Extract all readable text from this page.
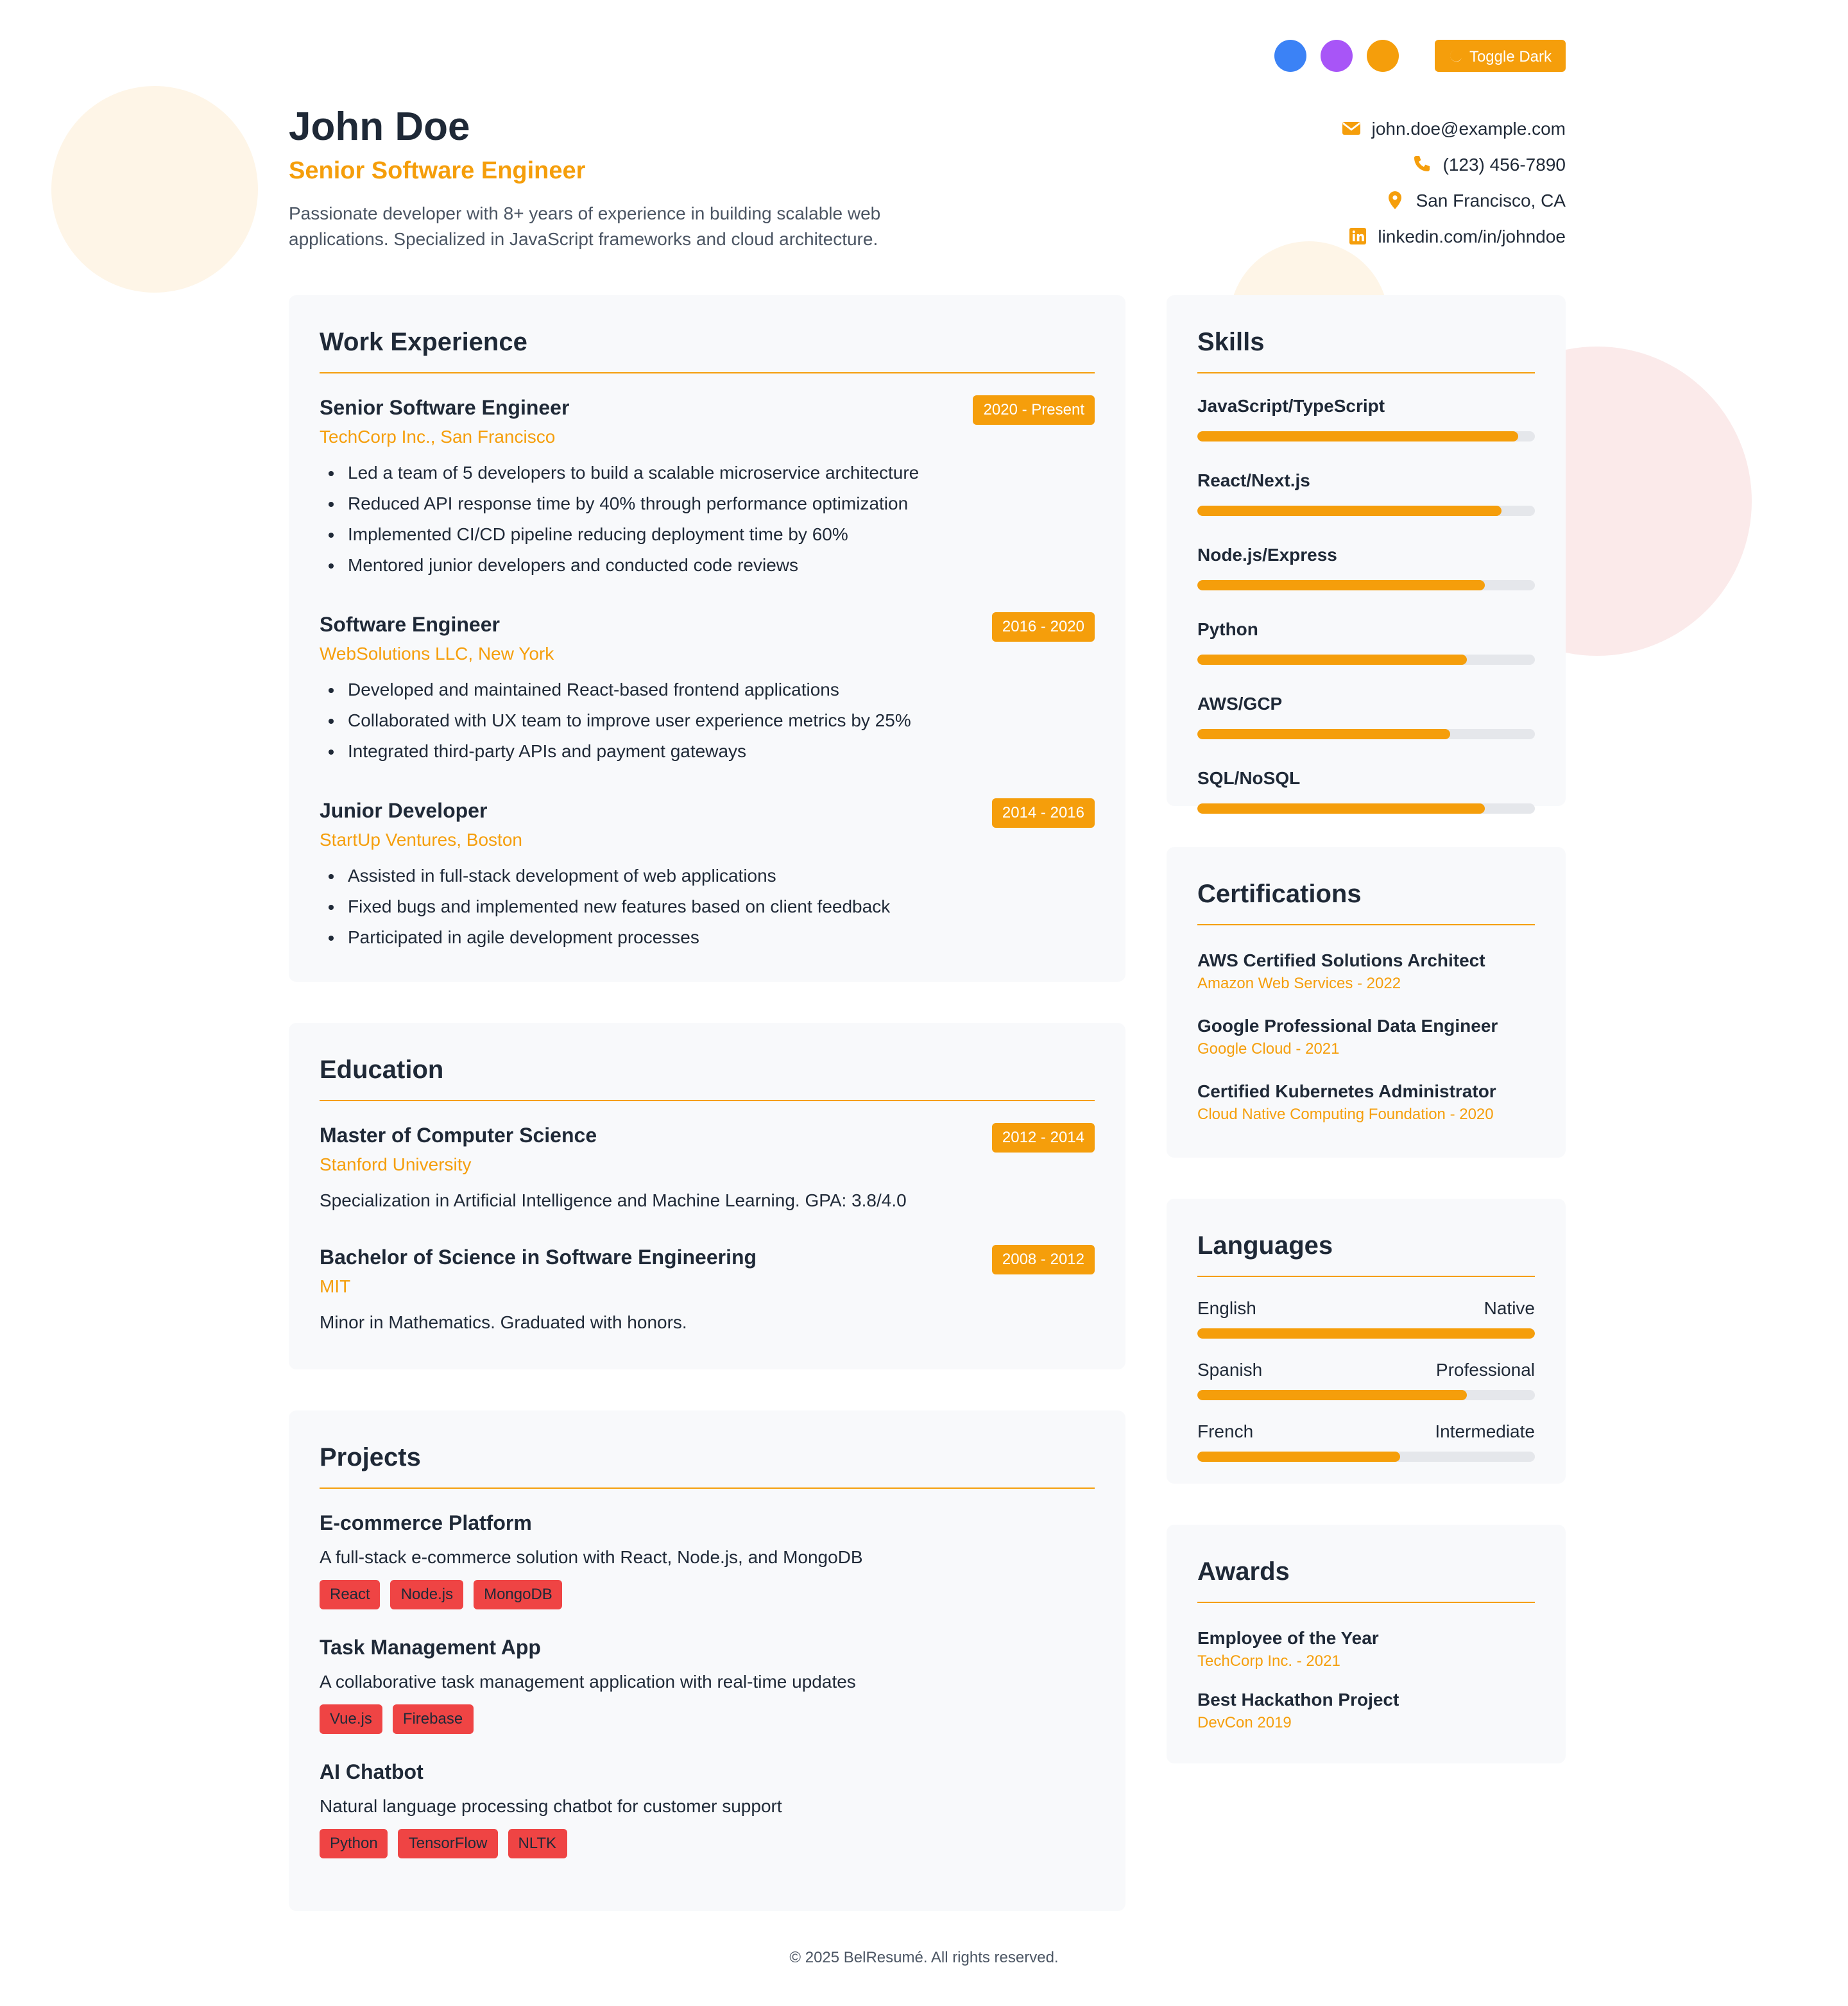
Toggle Dark
John Doe
Senior Software Engineer
Passionate developer with 8+ years of experience in building scalable web applications. Specialized in JavaScript frameworks and cloud architecture.
john.doe@example.com
(123) 456-7890
San Francisco, CA
linkedin.com/in/johndoe
Work Experience
Senior Software Engineer
TechCorp Inc., San Francisco
2020 - Present
• Led a team of 5 developers to build a scalable microservice architecture
• Reduced API response time by 40% through performance optimization
• Implemented CI/CD pipeline reducing deployment time by 60%
• Mentored junior developers and conducted code reviews
Software Engineer
WebSolutions LLC, New York
2016 - 2020
• Developed and maintained React-based frontend applications
• Collaborated with UX team to improve user experience metrics by 25%
• Integrated third-party APIs and payment gateways
Junior Developer
StartUp Ventures, Boston
2014 - 2016
• Assisted in full-stack development of web applications
• Fixed bugs and implemented new features based on client feedback
• Participated in agile development processes
Education
Master of Computer Science
Stanford University
2012 - 2014
Specialization in Artificial Intelligence and Machine Learning. GPA: 3.8/4.0
Bachelor of Science in Software Engineering
MIT
2008 - 2012
Minor in Mathematics. Graduated with honors.
Projects
E-commerce Platform
A full-stack e-commerce solution with React, Node.js, and MongoDB
React	Node.js	MongoDB
Task Management App
A collaborative task management application with real-time updates
Vue.js	Firebase
AI Chatbot
Natural language processing chatbot for customer support
Python	TensorFlow	NLTK
Skills
JavaScript/TypeScript
React/Next.js
Node.js/Express
Python
AWS/GCP
SQL/NoSQL
Certifications
AWS Certified Solutions Architect
Amazon Web Services - 2022
Google Professional Data Engineer
Google Cloud - 2021
Certified Kubernetes Administrator
Cloud Native Computing Foundation - 2020
Languages
English	Native
Spanish	Professional
French	Intermediate
Awards
Employee of the Year
TechCorp Inc. - 2021
Best Hackathon Project
DevCon 2019
© 2025 BelResumé. All rights reserved.
